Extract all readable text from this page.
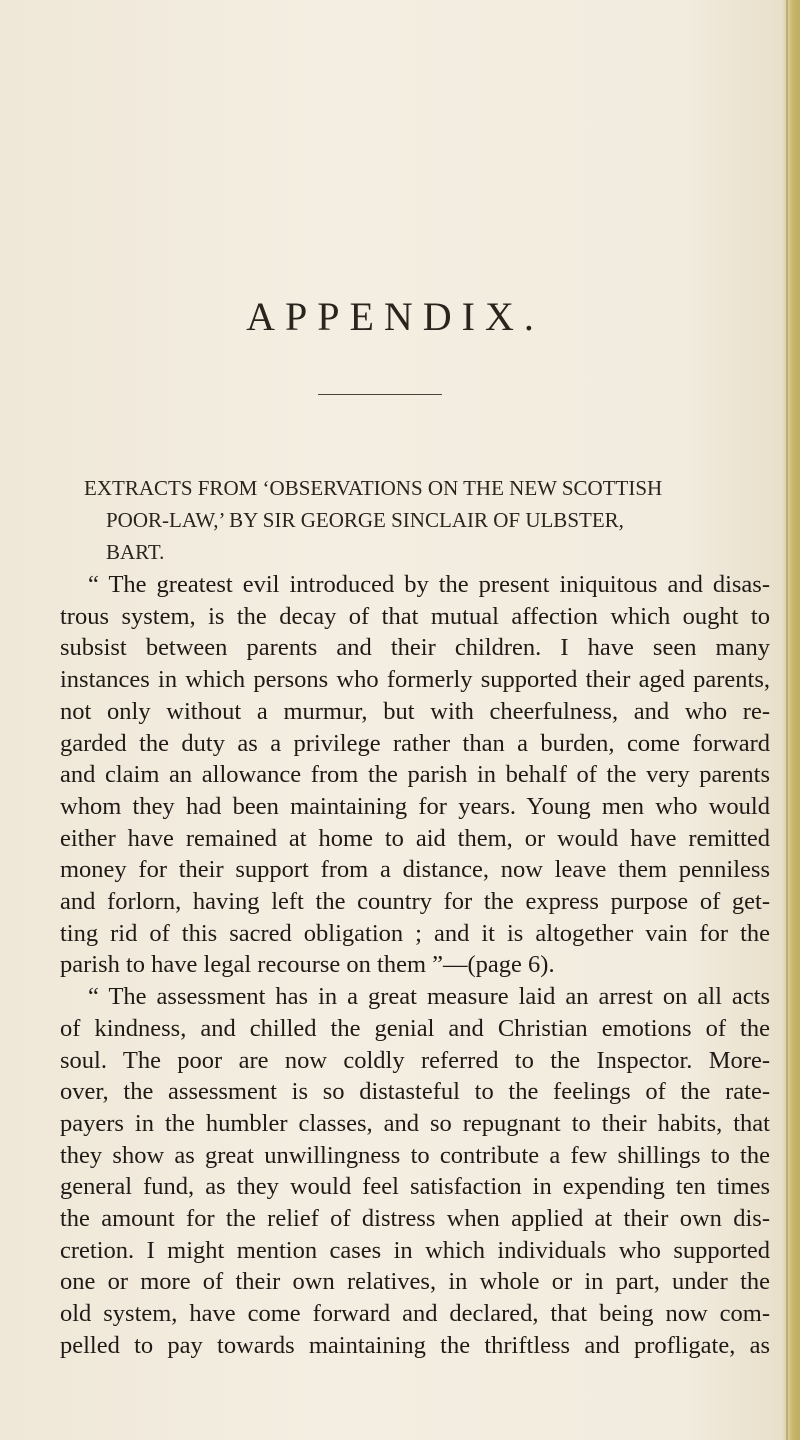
APPENDIX.
EXTRACTS FROM ‘OBSERVATIONS ON THE NEW SCOTTISH
POOR-LAW,’ BY SIR GEORGE SINCLAIR OF ULBSTER,
BART.
“ The greatest evil introduced by the present iniquitous and disas-
trous system, is the decay of that mutual affection which ought to
subsist between parents and their children. I have seen many
instances in which persons who formerly supported their aged parents,
not only without a murmur, but with cheerfulness, and who re-
garded the duty as a privilege rather than a burden, come forward
and claim an allowance from the parish in behalf of the very parents
whom they had been maintaining for years. Young men who would
either have remained at home to aid them, or would have remitted
money for their support from a distance, now leave them penniless
and forlorn, having left the country for the express purpose of get-
ting rid of this sacred obligation ; and it is altogether vain for the
parish to have legal recourse on them ”—(page 6).
“ The assessment has in a great measure laid an arrest on all acts
of kindness, and chilled the genial and Christian emotions of the
soul. The poor are now coldly referred to the Inspector. More-
over, the assessment is so distasteful to the feelings of the rate-
payers in the humbler classes, and so repugnant to their habits, that
they show as great unwillingness to contribute a few shillings to the
general fund, as they would feel satisfaction in expending ten times
the amount for the relief of distress when applied at their own dis-
cretion. I might mention cases in which individuals who supported
one or more of their own relatives, in whole or in part, under the
old system, have come forward and declared, that being now com-
pelled to pay towards maintaining the thriftless and profligate, as
